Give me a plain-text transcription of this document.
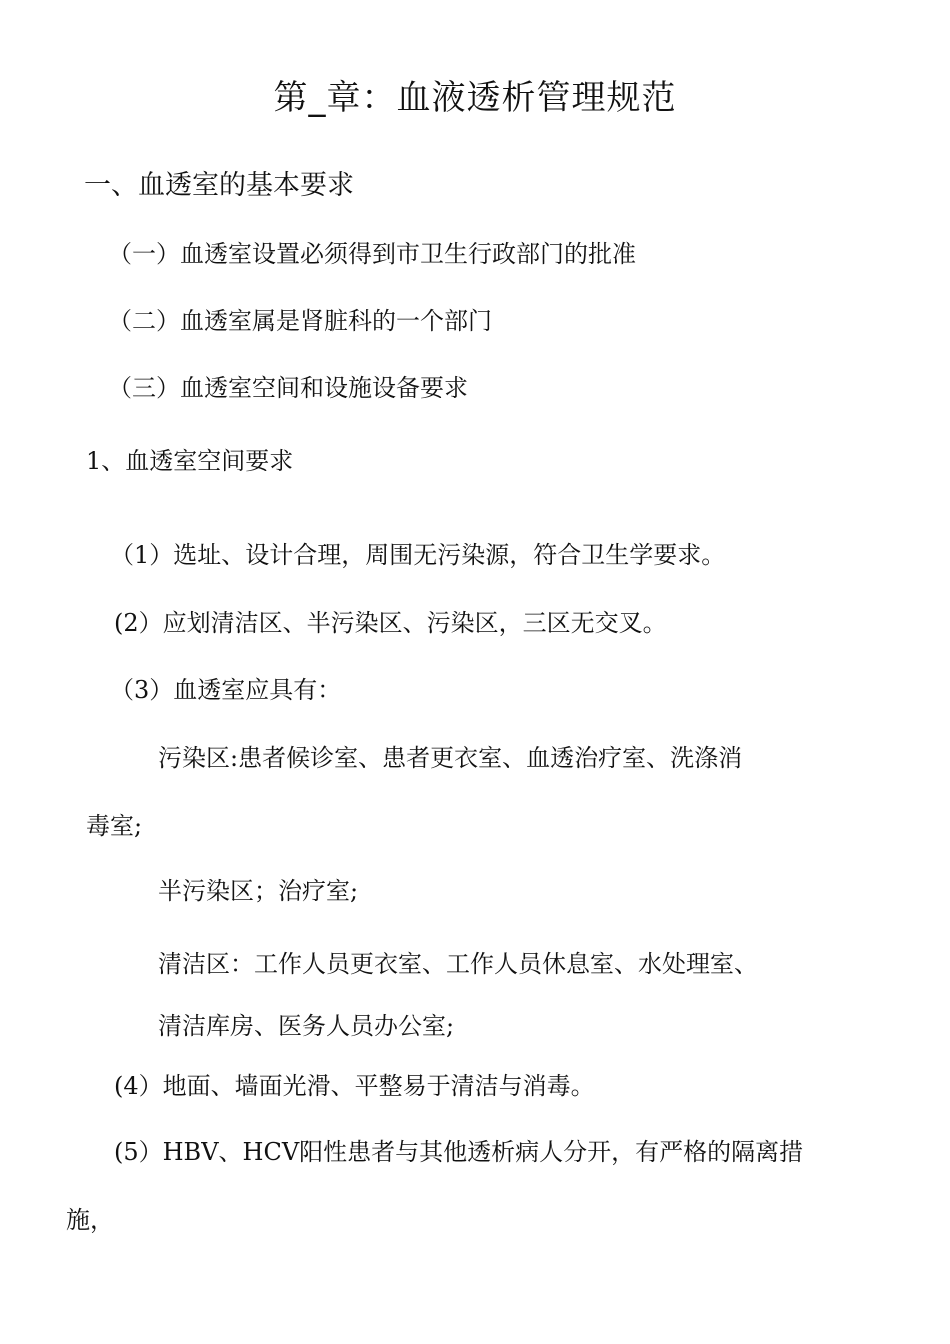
第_章：血液透析管理规范
一、血透室的基本要求
（一）血透室设置必须得到市卫生行政部门的批准
（二）血透室属是肾脏科的一个部门
（三）血透室空间和设施设备要求
1、血透室空间要求
（1）选址、设计合理，周围无污染源，符合卫生学要求。
(2）应划清洁区、半污染区、污染区，三区无交叉。
（3）血透室应具有：
污染区:患者候诊室、患者更衣室、血透治疗室、洗涤消
毒室;
半污染区；治疗室;
清洁区：工作人员更衣室、工作人员休息室、水处理室、
清洁库房、医务人员办公室;
(4）地面、墙面光滑、平整易于清洁与消毒。
(5）HBV、HCV阳性患者与其他透析病人分开，有严格的隔离措
施，
